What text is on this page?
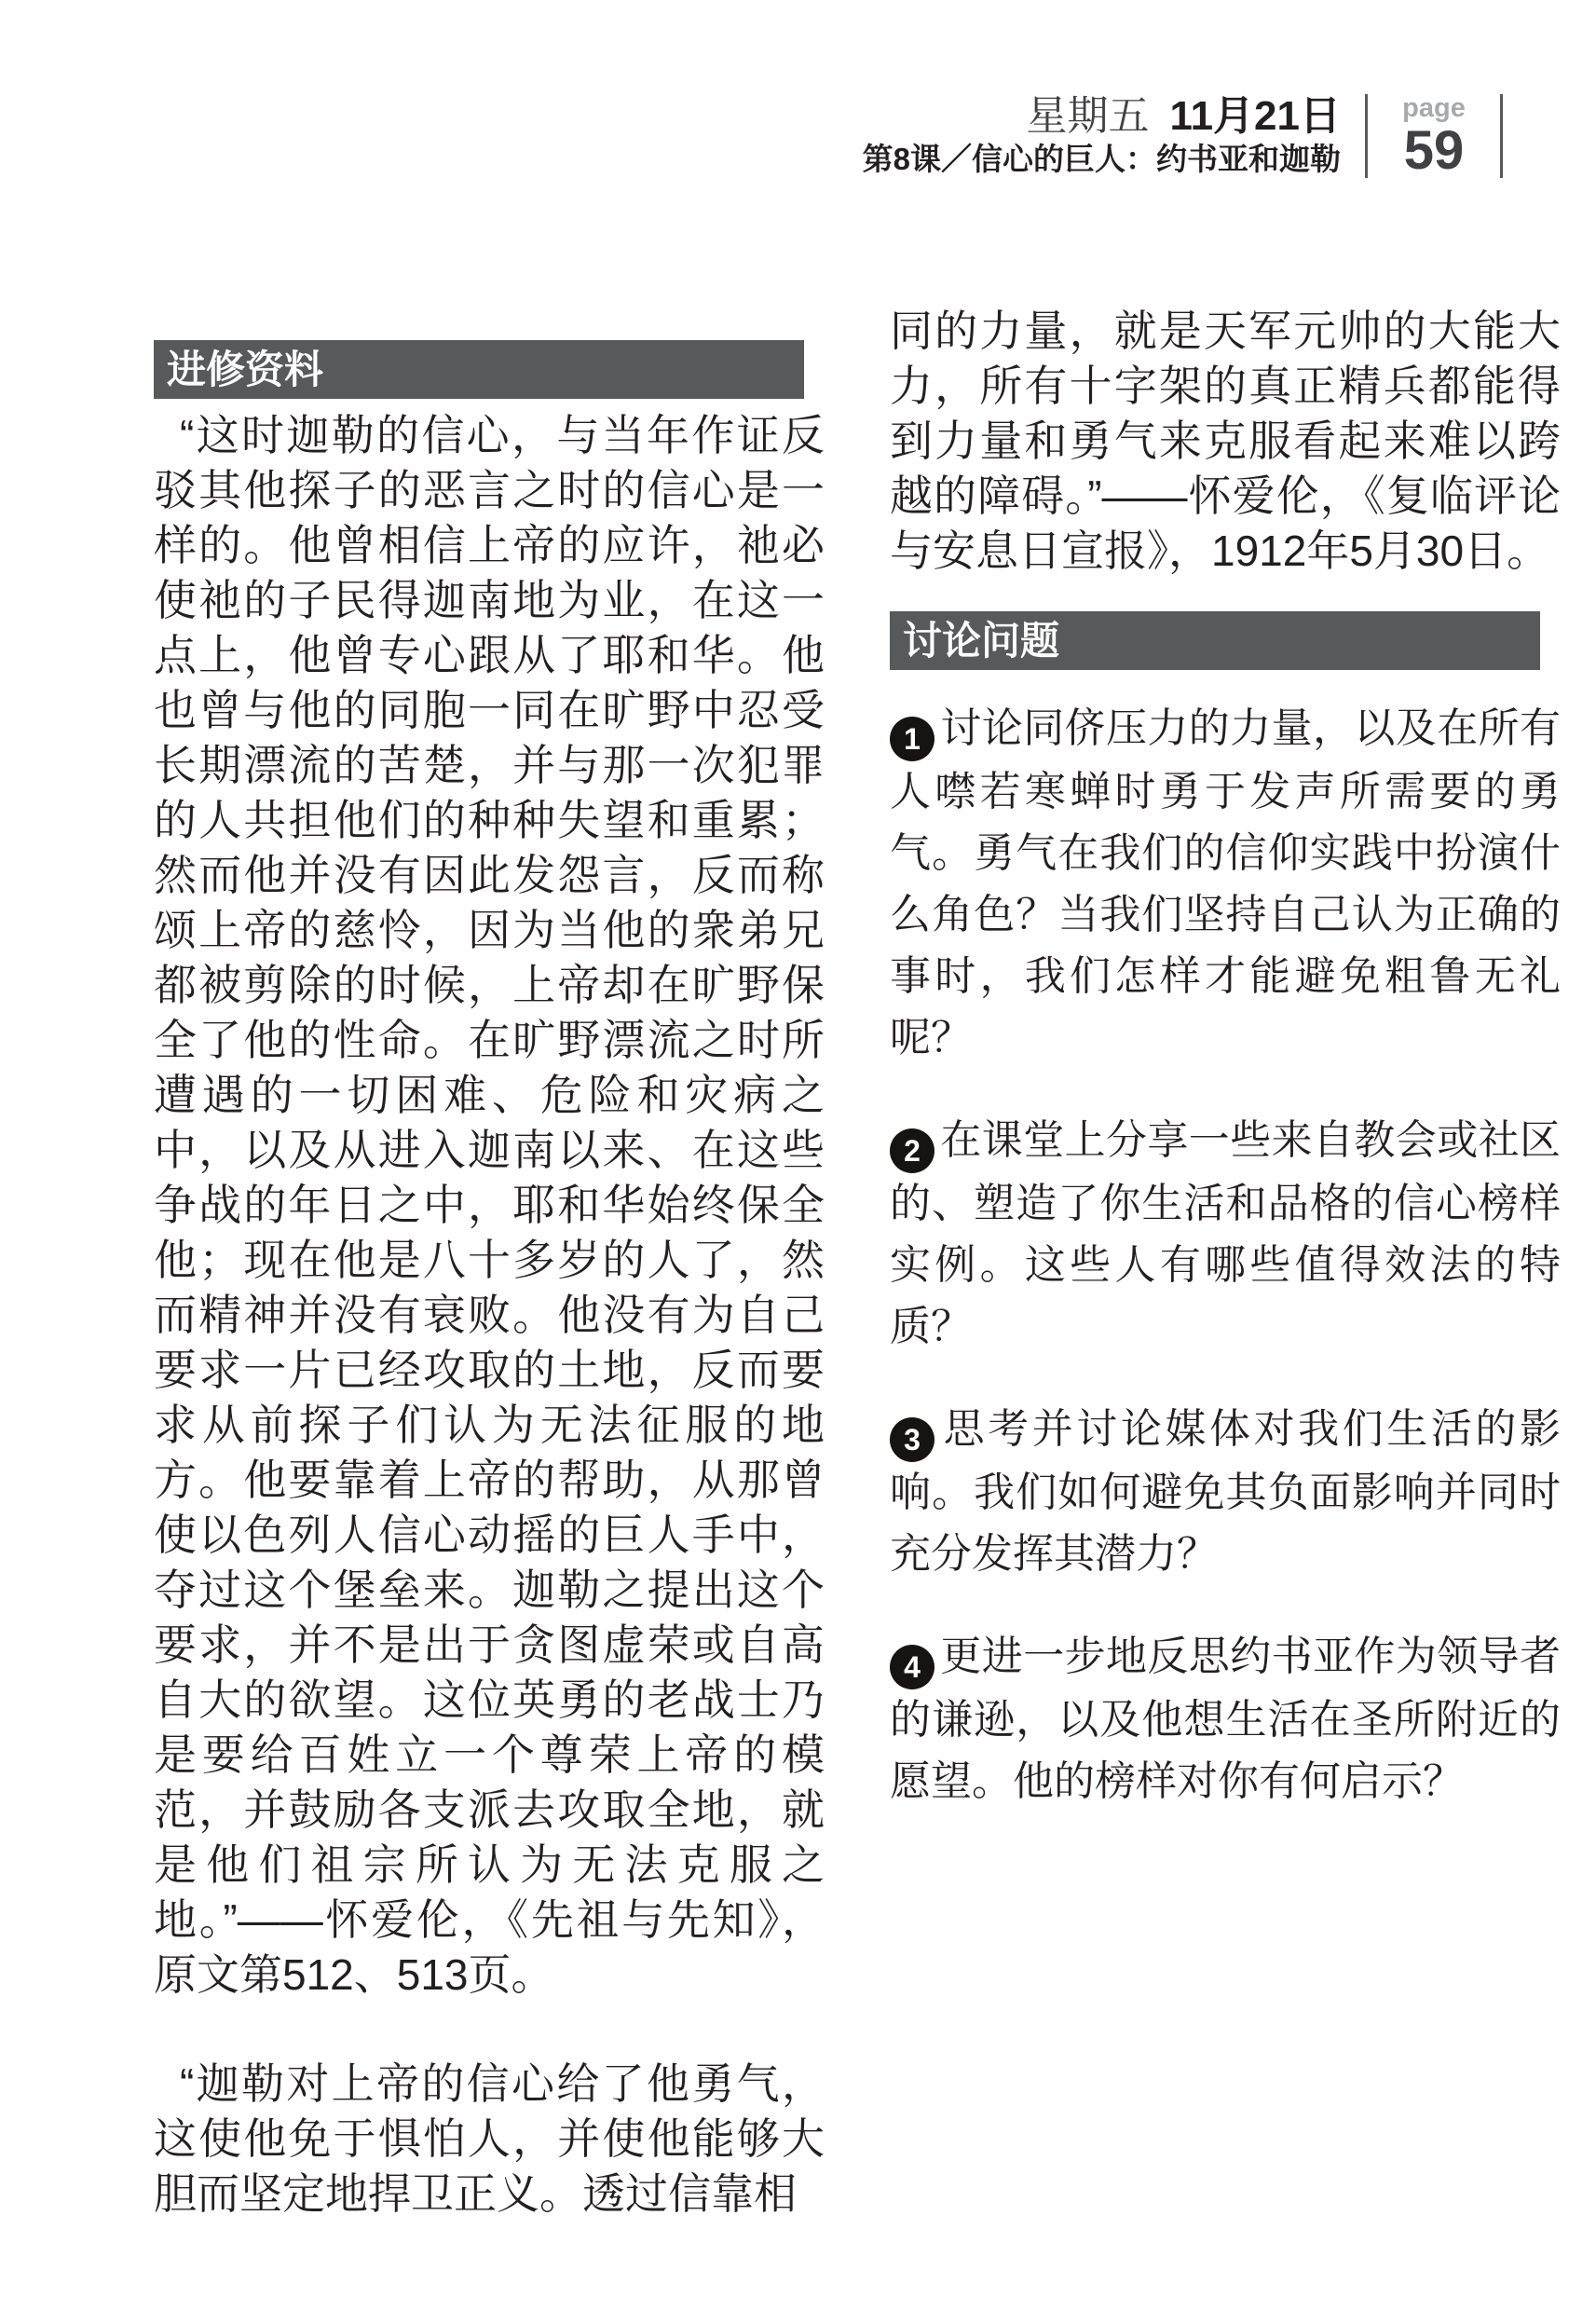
星期五 11月21日
第8课／信心的巨人：约书亚和迦勒
page
59
进修资料

“这时迦勒的信心，与当年作证反驳其他探子的恶言之时的信心是一样的。他曾相信上帝的应许，祂必使祂的子民得迦南地为业，在这一点上，他曾专心跟从了耶和华。他也曾与他的同胞一同在旷野中忍受长期漂流的苦楚，并与那一次犯罪的人共担他们的种种失望和重累；然而他并没有因此发怨言，反而称颂上帝的慈怜，因为当他的衆弟兄都被剪除的时候，上帝却在旷野保全了他的性命。在旷野漂流之时所遭遇的一切困难、危险和灾病之中，以及从进入迦南以来、在这些争战的年日之中，耶和华始终保全他；现在他是八十多岁的人了，然而精神并没有衰败。他没有为自己要求一片已经攻取的土地，反而要求从前探子们认为无法征服的地方。他要靠着上帝的帮助，从那曾使以色列人信心动摇的巨人手中，夺过这个堡垒来。迦勒之提出这个要求，并不是出于贪图虚荣或自高自大的欲望。这位英勇的老战士乃是要给百姓立一个尊荣上帝的模范，并鼓励各支派去攻取全地，就是他们祖宗所认为无法克服之地。”——怀爱伦，《先祖与先知》，原文第512、513页。

“迦勒对上帝的信心给了他勇气，这使他免于惧怕人，并使他能够大胆而坚定地捍卫正义。透过信靠相

同的力量，就是天军元帅的大能大力，所有十字架的真正精兵都能得到力量和勇气来克服看起来难以跨越的障碍。”——怀爱伦，《复临评论与安息日宣报》，1912年5月30日。

讨论问题

1 讨论同侪压力的力量，以及在所有人噤若寒蝉时勇于发声所需要的勇气。勇气在我们的信仰实践中扮演什么角色？当我们坚持自己认为正确的事时，我们怎样才能避免粗鲁无礼呢？

2 在课堂上分享一些来自教会或社区的、塑造了你生活和品格的信心榜样实例。这些人有哪些值得效法的特质？

3 思考并讨论媒体对我们生活的影响。我们如何避免其负面影响并同时充分发挥其潜力？

4 更进一步地反思约书亚作为领导者的谦逊，以及他想生活在圣所附近的愿望。他的榜样对你有何启示？
